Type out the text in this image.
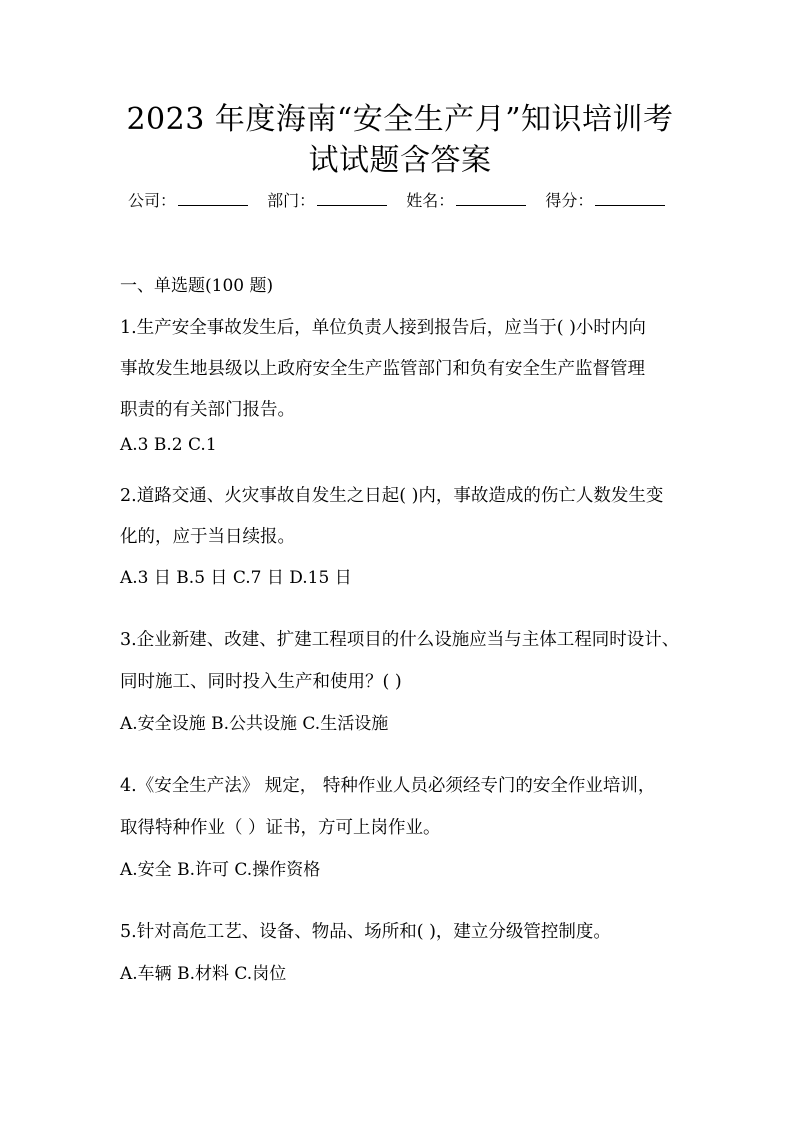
2023 年度海南“安全生产月”知识培训考
试试题含答案
公司：	部门：	姓名：	得分：
一、单选题(100 题)
1.生产安全事故发生后，单位负责人接到报告后，应当于( )小时内向
事故发生地县级以上政府安全生产监管部门和负有安全生产监督管理
职责的有关部门报告。
A.3 B.2 C.1
2.道路交通、火灾事故自发生之日起( )内，事故造成的伤亡人数发生变
化的，应于当日续报。
A.3 日 B.5 日 C.7 日 D.15 日
3.企业新建、改建、扩建工程项目的什么设施应当与主体工程同时设计、
同时施工、同时投入生产和使用？( )
A.安全设施 B.公共设施 C.生活设施
4.《安全生产法》 规定， 特种作业人员必须经专门的安全作业培训，
取得特种作业（ ）证书，方可上岗作业。
A.安全 B.许可 C.操作资格
5.针对高危工艺、设备、物品、场所和( )，建立分级管控制度。
A.车辆 B.材料 C.岗位
